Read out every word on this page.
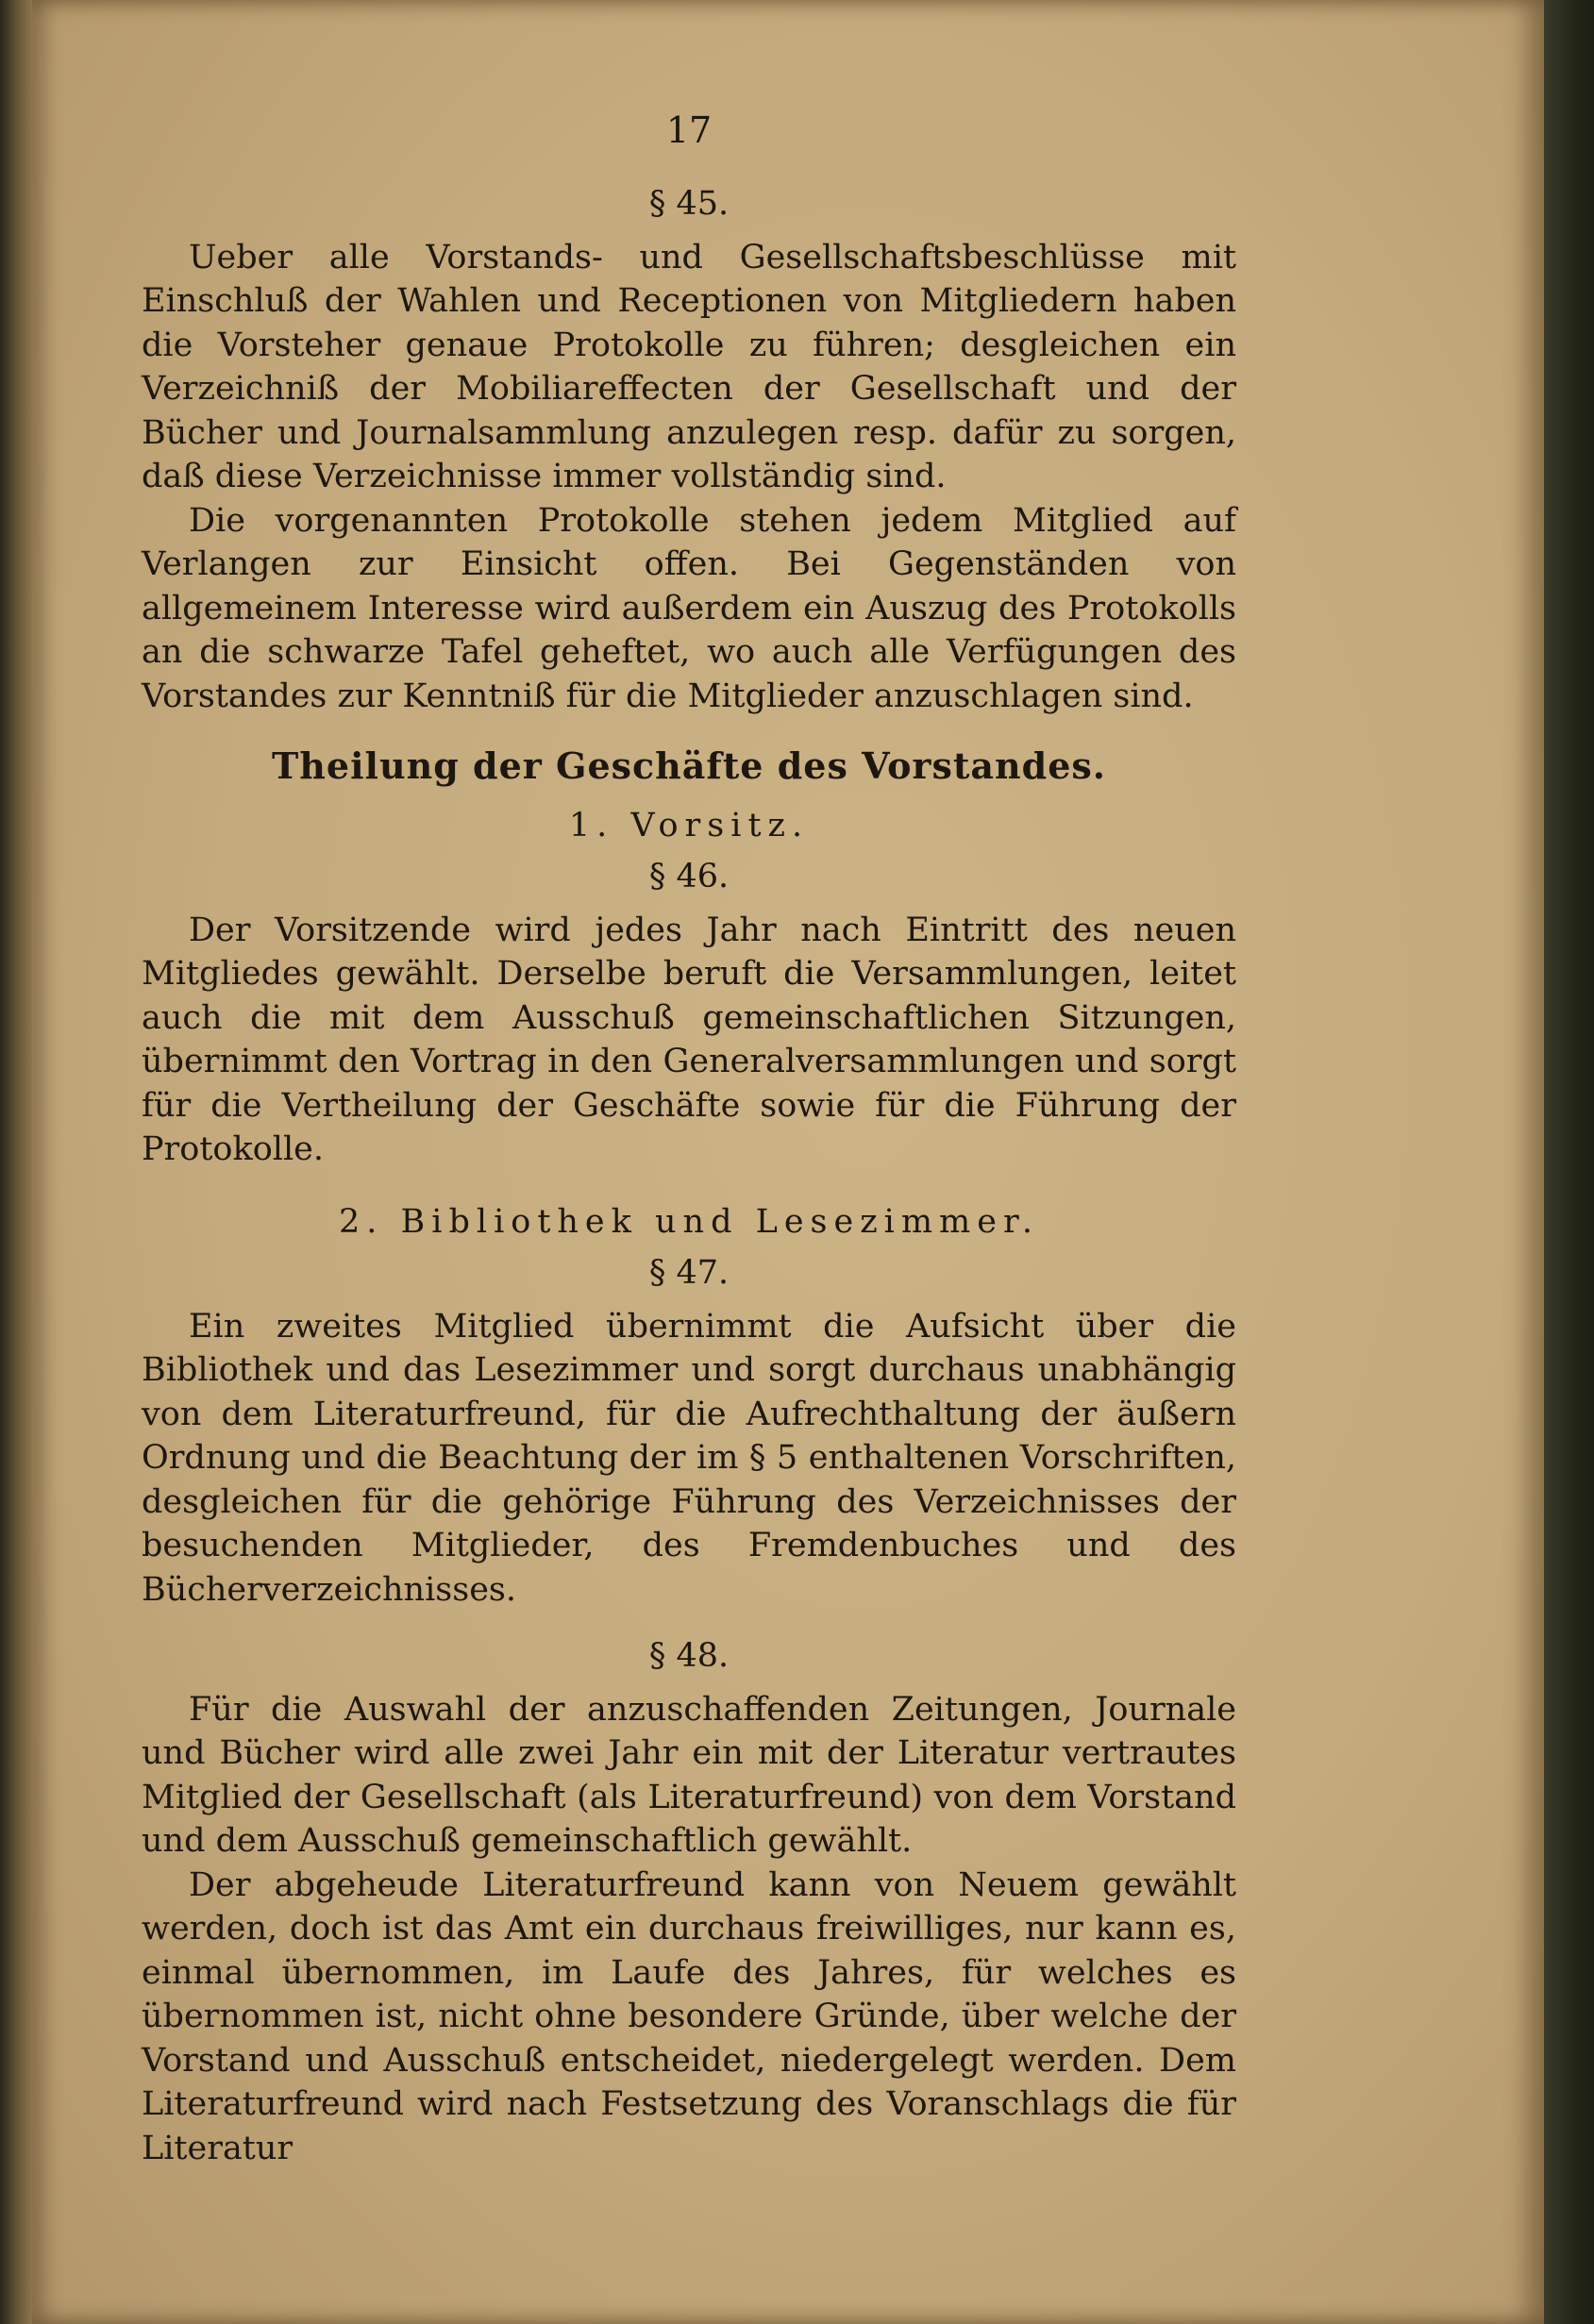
17
§ 45.

Ueber alle Vorstands- und Gesellschaftsbeschlüsse mit Einschluß der Wahlen und Receptionen von Mitgliedern haben die Vorsteher genaue Protokolle zu führen; desgleichen ein Verzeichniß der Mobiliareffecten der Gesellschaft und der Bücher und Journalsammlung anzulegen resp. dafür zu sorgen, daß diese Verzeichnisse immer vollständig sind.

Die vorgenannten Protokolle stehen jedem Mitglied auf Verlangen zur Einsicht offen. Bei Gegenständen von allgemeinem Interesse wird außerdem ein Auszug des Protokolls an die schwarze Tafel geheftet, wo auch alle Verfügungen des Vorstandes zur Kenntniß für die Mitglieder anzuschlagen sind.

Theilung der Geschäfte des Vorstandes.
1. Vorsitz.
§ 46.

Der Vorsitzende wird jedes Jahr nach Eintritt des neuen Mitgliedes gewählt. Derselbe beruft die Versammlungen, leitet auch die mit dem Ausschuß gemeinschaftlichen Sitzungen, übernimmt den Vortrag in den Generalversammlungen und sorgt für die Vertheilung der Geschäfte sowie für die Führung der Protokolle.

2. Bibliothek und Lesezimmer.
§ 47.

Ein zweites Mitglied übernimmt die Aufsicht über die Bibliothek und das Lesezimmer und sorgt durchaus unabhängig von dem Literaturfreund, für die Aufrechthaltung der äußern Ordnung und die Beachtung der im § 5 enthaltenen Vorschriften, desgleichen für die gehörige Führung des Verzeichnisses der besuchenden Mitglieder, des Fremdenbuches und des Bücherverzeichnisses.

§ 48.

Für die Auswahl der anzuschaffenden Zeitungen, Journale und Bücher wird alle zwei Jahr ein mit der Literatur vertrautes Mitglied der Gesellschaft (als Literaturfreund) von dem Vorstand und dem Ausschuß gemeinschaftlich gewählt.

Der abgeheude Literaturfreund kann von Neuem gewählt werden, doch ist das Amt ein durchaus freiwilliges, nur kann es, einmal übernommen, im Laufe des Jahres, für welches es übernommen ist, nicht ohne besondere Gründe, über welche der Vorstand und Ausschuß entscheidet, niedergelegt werden. Dem Literaturfreund wird nach Festsetzung des Voranschlags die für Literatur
